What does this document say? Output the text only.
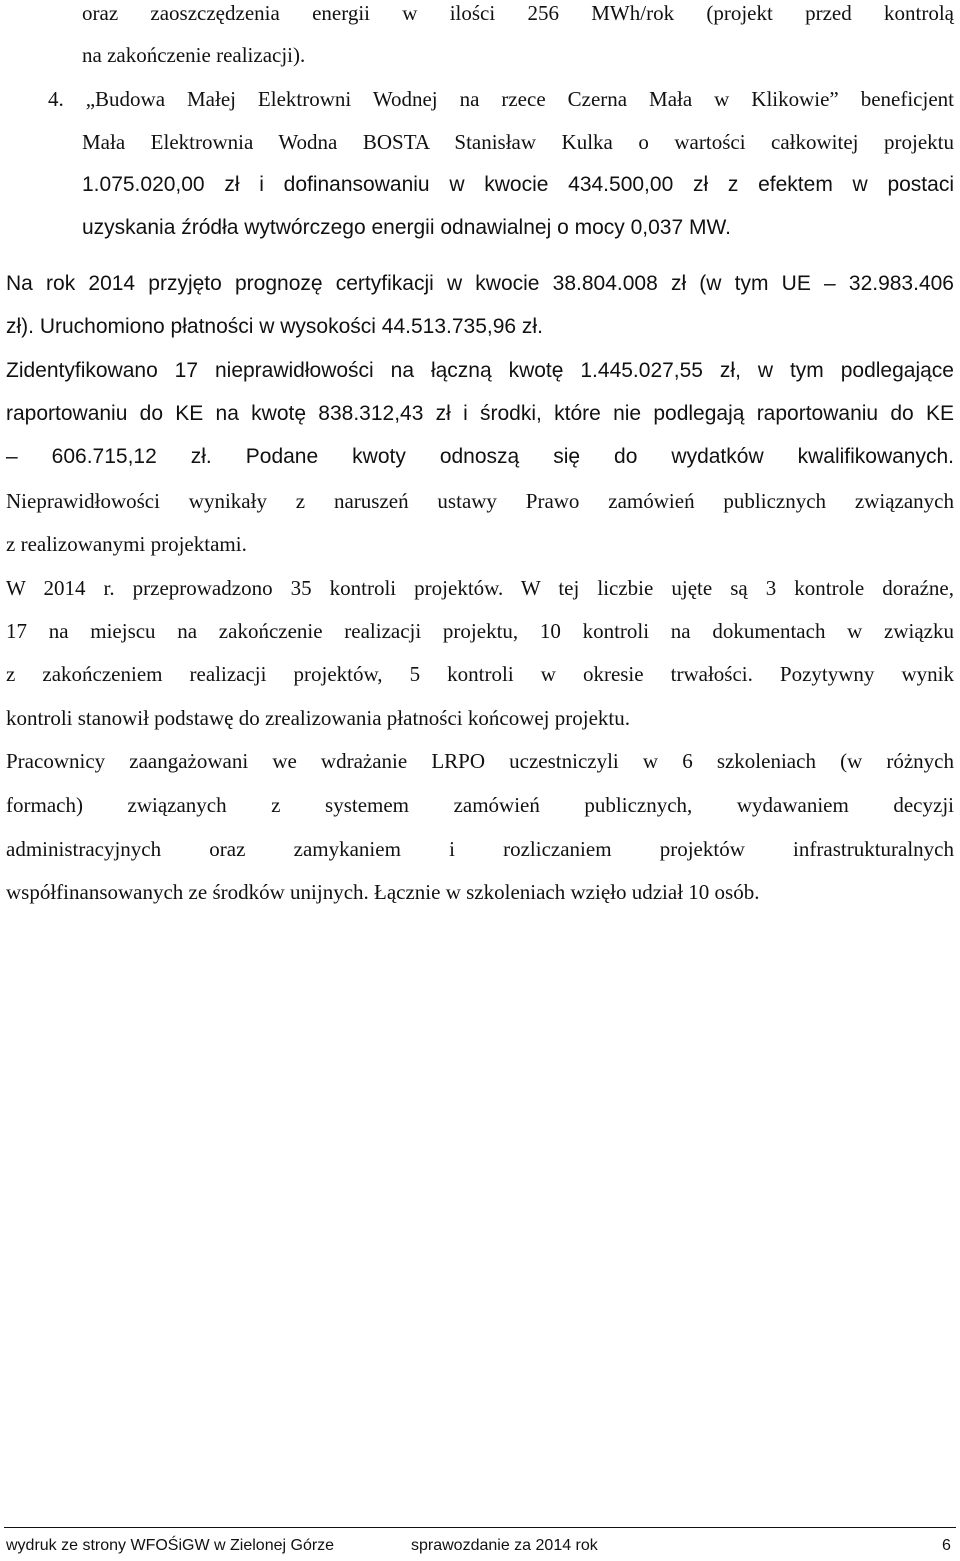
oraz zaoszczędzenia energii w ilości 256 MWh/rok (projekt przed kontrolą
na zakończenie realizacji).
4. „Budowa Małej Elektrowni Wodnej na rzece Czerna Mała w Klikowie” beneficjent
Mała Elektrownia Wodna BOSTA Stanisław Kulka o wartości całkowitej projektu
1.075.020,00 zł i dofinansowaniu w kwocie 434.500,00 zł z efektem w postaci
uzyskania źródła wytwórczego energii odnawialnej o mocy 0,037 MW.
Na rok 2014 przyjęto prognozę certyfikacji w kwocie 38.804.008 zł (w tym UE – 32.983.406
zł). Uruchomiono płatności w wysokości 44.513.735,96 zł.
Zidentyfikowano 17 nieprawidłowości na łączną kwotę 1.445.027,55 zł, w tym podlegające
raportowaniu do KE na kwotę 838.312,43 zł i środki, które nie podlegają raportowaniu do KE
– 606.715,12 zł. Podane kwoty odnoszą się do wydatków kwalifikowanych.
Nieprawidłowości wynikały z naruszeń ustawy Prawo zamówień publicznych związanych
z realizowanymi projektami.
W 2014 r. przeprowadzono 35 kontroli projektów. W tej liczbie ujęte są 3 kontrole doraźne,
17 na miejscu na zakończenie realizacji projektu, 10 kontroli na dokumentach w związku
z zakończeniem realizacji projektów, 5 kontroli w okresie trwałości. Pozytywny wynik
kontroli stanowił podstawę do zrealizowania płatności końcowej projektu.
Pracownicy zaangażowani we wdrażanie LRPO uczestniczyli w 6 szkoleniach (w różnych
formach) związanych z systemem zamówień publicznych, wydawaniem decyzji
administracyjnych oraz zamykaniem i rozliczaniem projektów infrastrukturalnych
współfinansowanych ze środków unijnych. Łącznie w szkoleniach wzięło udział 10 osób.
wydruk ze strony WFOŚiGW w Zielonej Górze	sprawozdanie za 2014 rok	6
